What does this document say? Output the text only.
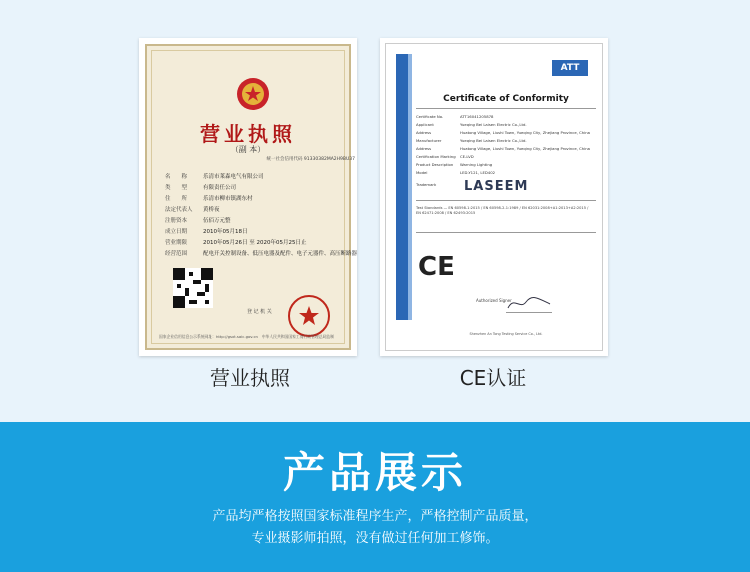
营业执照
（副 本）
统一社会信用代码 91330382MA2H9BU37
名　　称	乐清市莱森电气有限公司
类　　型	有限责任公司
住　　所	乐清市柳市镇湖东村
法定代表人 黄桥夜
注册资本	伍佰万元整
成立日期	2010年05月18日
营业期限	2010年05月26日 至 2020年05月25日止
经营范围	配电开关控制设备、低压电器及配件、电子元器件、高压断路器
登 记 机 关
国家企业信用信息公示系统网址：http://gsxt.saic.gov.cn　中华人民共和国国家工商行政管理总局监制
营业执照
ATT
Certificate of Conformity
Certificate No.	ATT16041205878
Applicant	Yueqing Bei Laisen Electric Co.,Ltd.
Address	Huatong Village, Liushi Town, Yueqing City, Zhejiang Province, China
Manufacturer	Yueqing Bei Laisen Electric Co.,Ltd.
Address	Huatong Village, Liushi Town, Yueqing City, Zhejiang Province, China
Certification Marking CE-LVD
Product Description Warning Lighting
Model	LED-Y121, LED402
Trademark	LASEEM
Test Standards — EN 60598-1:2015 / EN 60598-2-1:1989 / EN 62031:2008+A1:2013+A2:2015 / EN 62471:2008 / EN 62493:2015
CE
Authorized Signer
Shenzhen An Tong Testing Service Co., Ltd.
CE认证
产品展示
产品均严格按照国家标准程序生产，严格控制产品质量，
专业摄影师拍照，没有做过任何加工修饰。
